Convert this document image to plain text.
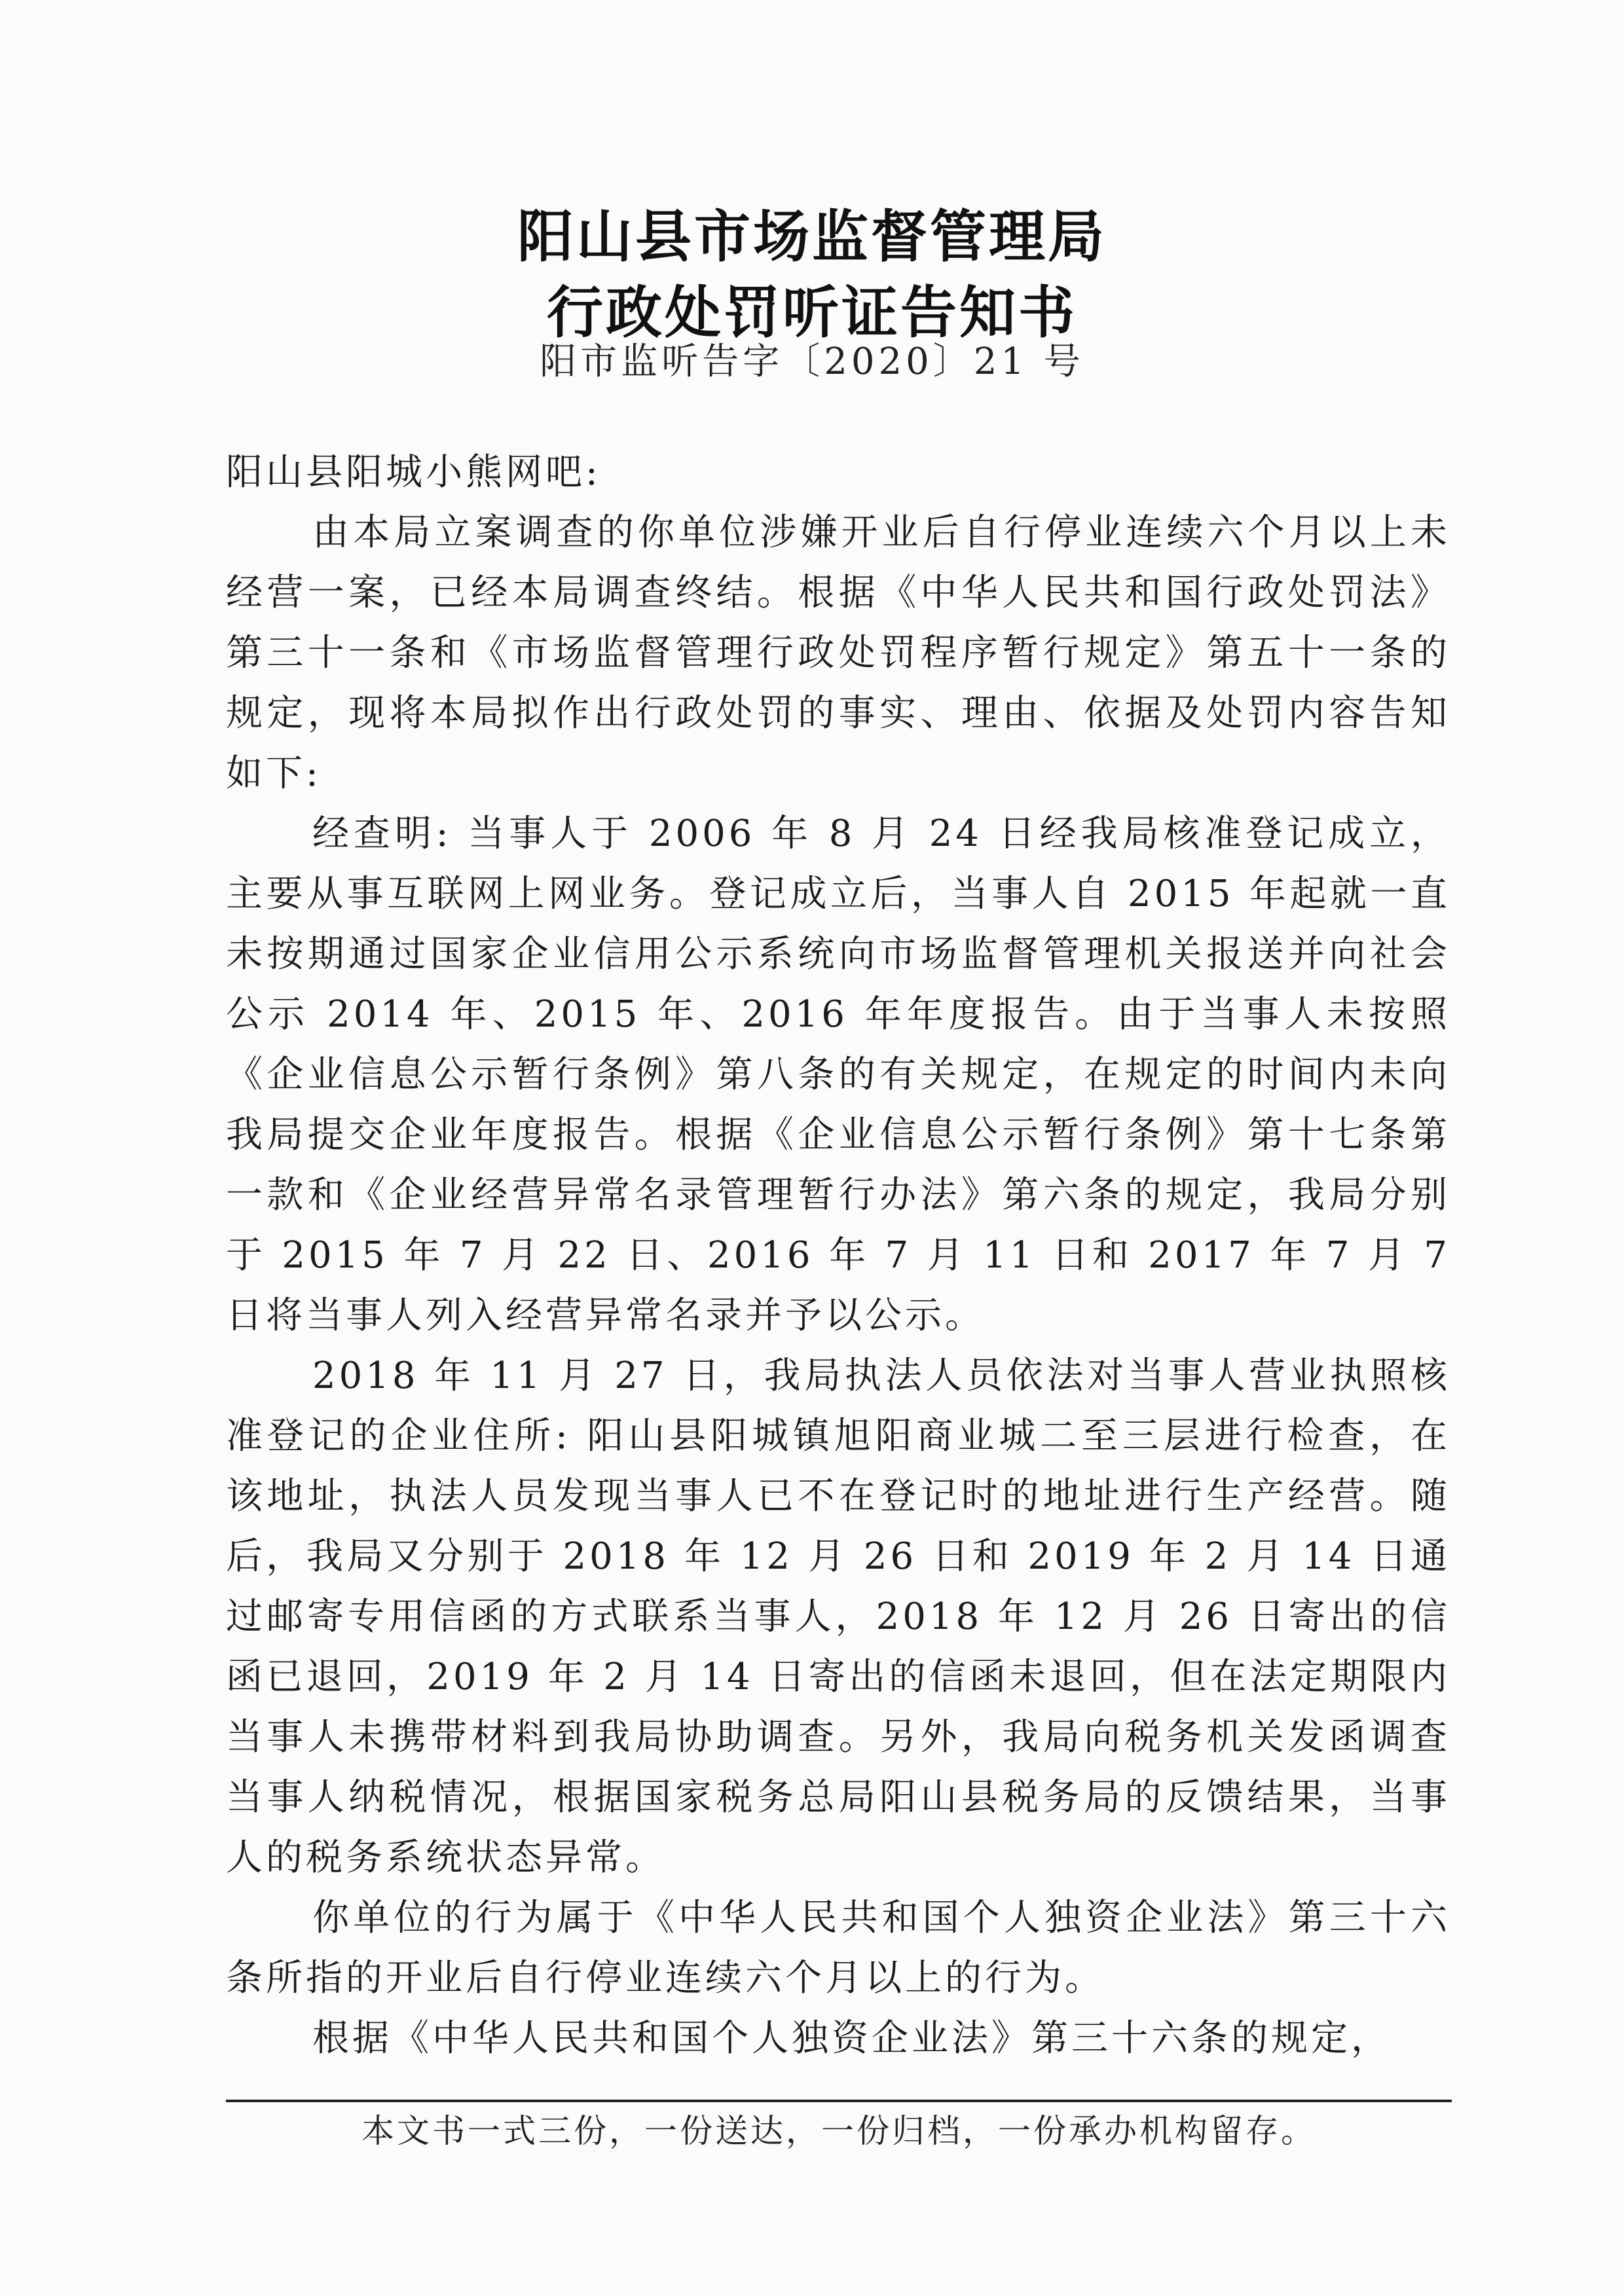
阳山县市场监督管理局
行政处罚听证告知书
阳市监听告字〔2020〕21 号

阳山县阳城小熊网吧:

由本局立案调查的你单位涉嫌开业后自行停业连续六个月以上未经营一案，已经本局调查终结。根据《中华人民共和国行政处罚法》第三十一条和《市场监督管理行政处罚程序暂行规定》第五十一条的规定，现将本局拟作出行政处罚的事实、理由、依据及处罚内容告知如下:

经查明: 当事人于 2006 年 8 月 24 日经我局核准登记成立，主要从事互联网上网业务。登记成立后，当事人自 2015 年起就一直未按期通过国家企业信用公示系统向市场监督管理机关报送并向社会公示 2014 年、2015 年、2016 年年度报告。由于当事人未按照《企业信息公示暂行条例》第八条的有关规定，在规定的时间内未向我局提交企业年度报告。根据《企业信息公示暂行条例》第十七条第一款和《企业经营异常名录管理暂行办法》第六条的规定，我局分别于 2015 年 7 月 22 日、2016 年 7 月 11 日和 2017 年 7 月 7 日将当事人列入经营异常名录并予以公示。

2018 年 11 月 27 日，我局执法人员依法对当事人营业执照核准登记的企业住所: 阳山县阳城镇旭阳商业城二至三层进行检查，在该地址，执法人员发现当事人已不在登记时的地址进行生产经营。随后，我局又分别于 2018 年 12 月 26 日和 2019 年 2 月 14 日通过邮寄专用信函的方式联系当事人，2018 年 12 月 26 日寄出的信函已退回，2019 年 2 月 14 日寄出的信函未退回，但在法定期限内当事人未携带材料到我局协助调查。另外，我局向税务机关发函调查当事人纳税情况，根据国家税务总局阳山县税务局的反馈结果，当事人的税务系统状态异常。

你单位的行为属于《中华人民共和国个人独资企业法》第三十六条所指的开业后自行停业连续六个月以上的行为。

根据《中华人民共和国个人独资企业法》第三十六条的规定，

本文书一式三份，一份送达，一份归档，一份承办机构留存。
